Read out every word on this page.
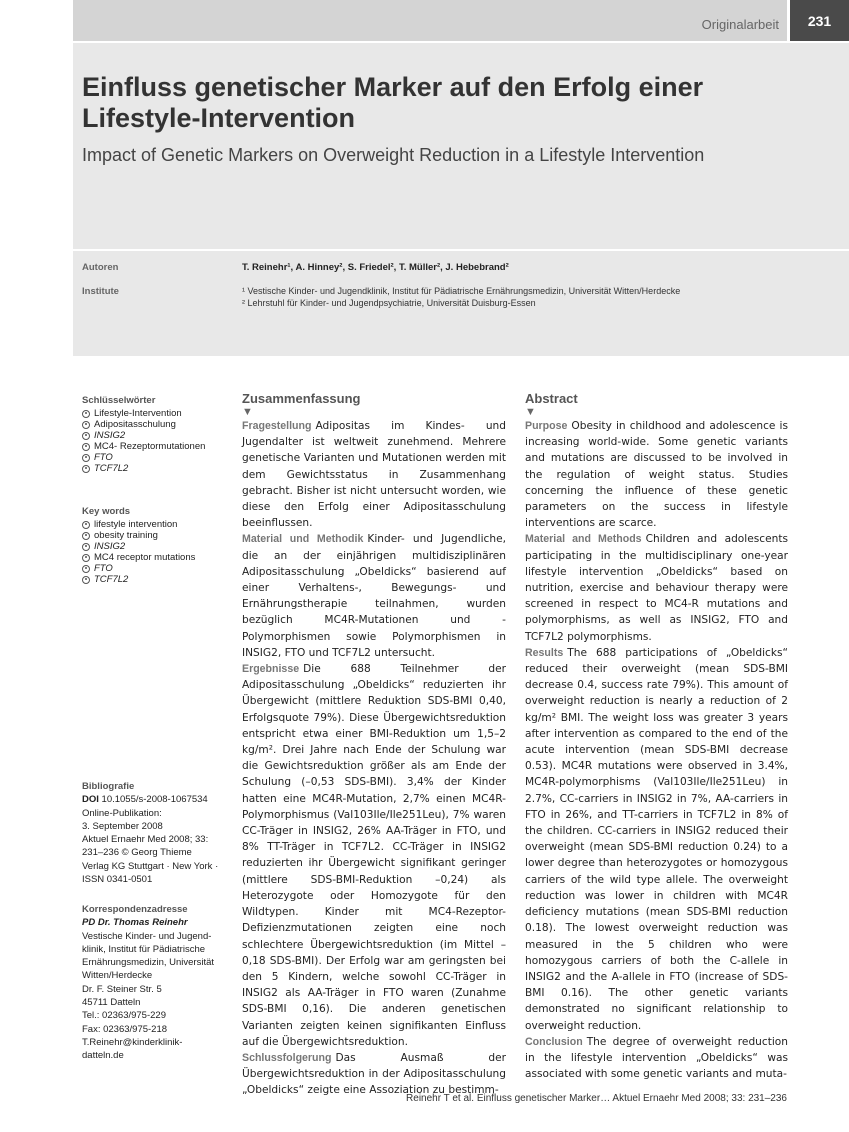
Originalarbeit	231
Einfluss genetischer Marker auf den Erfolg einer Lifestyle-Intervention
Impact of Genetic Markers on Overweight Reduction in a Lifestyle Intervention
Autoren	T. Reinehr¹, A. Hinney², S. Friedel², T. Müller², J. Hebebrand²
Institute	¹ Vestische Kinder- und Jugendklinik, Institut für Pädiatrische Ernährungsmedizin, Universität Witten/Herdecke
² Lehrstuhl für Kinder- und Jugendpsychiatrie, Universität Duisburg-Essen
Schlüsselwörter
Lifestyle-Intervention
Adipositasschulung
INSIG2
MC4- Rezeptormutationen
FTO
TCF7L2
Key words
lifestyle intervention
obesity training
INSIG2
MC4 receptor mutations
FTO
TCF7L2
Bibliografie
DOI 10.1055/s-2008-1067534
Online-Publikation:
3. September 2008
Aktuel Ernaehr Med 2008; 33:
231–236 © Georg Thieme
Verlag KG Stuttgart · New York ·
ISSN 0341-0501
Korrespondenzadresse
PD Dr. Thomas Reinehr
Vestische Kinder- und Jugend-
klinik, Institut für Pädiatrische
Ernährungsmedizin, Universität
Witten/Herdecke
Dr. F. Steiner Str. 5
45711 Datteln
Tel.: 02363/975-229
Fax: 02363/975-218
T.Reinehr@kinderklinik-
datteln.de
Zusammenfassung
▼

Fragestellung Adipositas im Kindes- und Jugendalter ist weltweit zunehmend. Mehrere genetische Varianten und Mutationen werden mit dem Gewichtsstatus in Zusammenhang gebracht. Bisher ist nicht untersucht worden, wie diese den Erfolg einer Adipositasschulung beeinflussen.

Material und Methodik Kinder- und Jugendliche, die an der einjährigen multidisziplinären Adipositasschulung „Obeldicks“ basierend auf einer Verhaltens-, Bewegungs- und Ernährungstherapie teilnahmen, wurden bezüglich MC4R-Mutationen und -Polymorphismen sowie Polymorphismen in INSIG2, FTO und TCF7L2 untersucht.

Ergebnisse Die 688 Teilnehmer der Adipositasschulung „Obeldicks“ reduzierten ihr Übergewicht (mittlere Reduktion SDS-BMI 0,40, Erfolgsquote 79%). Diese Übergewichtsreduktion entspricht etwa einer BMI-Reduktion um 1,5–2 kg/m². Drei Jahre nach Ende der Schulung war die Gewichtsreduktion größer als am Ende der Schulung (–0,53 SDS-BMI). 3,4% der Kinder hatten eine MC4R-Mutation, 2,7% einen MC4R-Polymorphismus (Val103Ile/Ile251Leu), 7% waren CC-Träger in INSIG2, 26% AA-Träger in FTO, und 8% TT-Träger in TCF7L2. CC-Träger in INSIG2 reduzierten ihr Übergewicht signifikant geringer (mittlere SDS-BMI-Reduktion –0,24) als Heterozygote oder Homozygote für den Wildtypen. Kinder mit MC4-Rezeptor-Defizienzmutationen zeigten eine noch schlechtere Übergewichtsreduktion (im Mittel –0,18 SDS-BMI). Der Erfolg war am geringsten bei den 5 Kindern, welche sowohl CC-Träger in INSIG2 als AA-Träger in FTO waren (Zunahme SDS-BMI 0,16). Die anderen genetischen Varianten zeigten keinen signifikanten Einfluss auf die Übergewichtsreduktion.

Schlussfolgerung Das Ausmaß der Übergewichtsreduktion in der Adipositasschulung „Obeldicks“ zeigte eine Assoziation zu bestimm-

Abstract
▼

Purpose Obesity in childhood and adolescence is increasing world-wide. Some genetic variants and mutations are discussed to be involved in the regulation of weight status. Studies concerning the influence of these genetic parameters on the success in lifestyle interventions are scarce.

Material and Methods Children and adolescents participating in the multidisciplinary one-year lifestyle intervention „Obeldicks“ based on nutrition, exercise and behaviour therapy were screened in respect to MC4-R mutations and polymorphisms, as well as INSIG2, FTO and TCF7L2 polymorphisms.

Results The 688 participations of „Obeldicks“ reduced their overweight (mean SDS-BMI decrease 0.4, success rate 79%). This amount of overweight reduction is nearly a reduction of 2 kg/m² BMI. The weight loss was greater 3 years after intervention as compared to the end of the acute intervention (mean SDS-BMI decrease 0.53). MC4R mutations were observed in 3.4%, MC4R-polymorphisms (Val103Ile/Ile251Leu) in 2.7%, CC-carriers in INSIG2 in 7%, AA-carriers in FTO in 26%, and TT-carriers in TCF7L2 in 8% of the children. CC-carriers in INSIG2 reduced their overweight (mean SDS-BMI reduction 0.24) to a lower degree than heterozygotes or homozygous carriers of the wild type allele. The overweight reduction was lower in children with MC4R deficiency mutations (mean SDS-BMI reduction 0.18). The lowest overweight reduction was measured in the 5 children who were homozygous carriers of both the C-allele in INSIG2 and the A-allele in FTO (increase of SDS-BMI 0.16). The other genetic variants demonstrated no significant relationship to overweight reduction.

Conclusion The degree of overweight reduction in the lifestyle intervention „Obeldicks“ was associated with some genetic variants and muta-

Reinehr T et al. Einfluss genetischer Marker… Aktuel Ernaehr Med 2008; 33: 231–236
